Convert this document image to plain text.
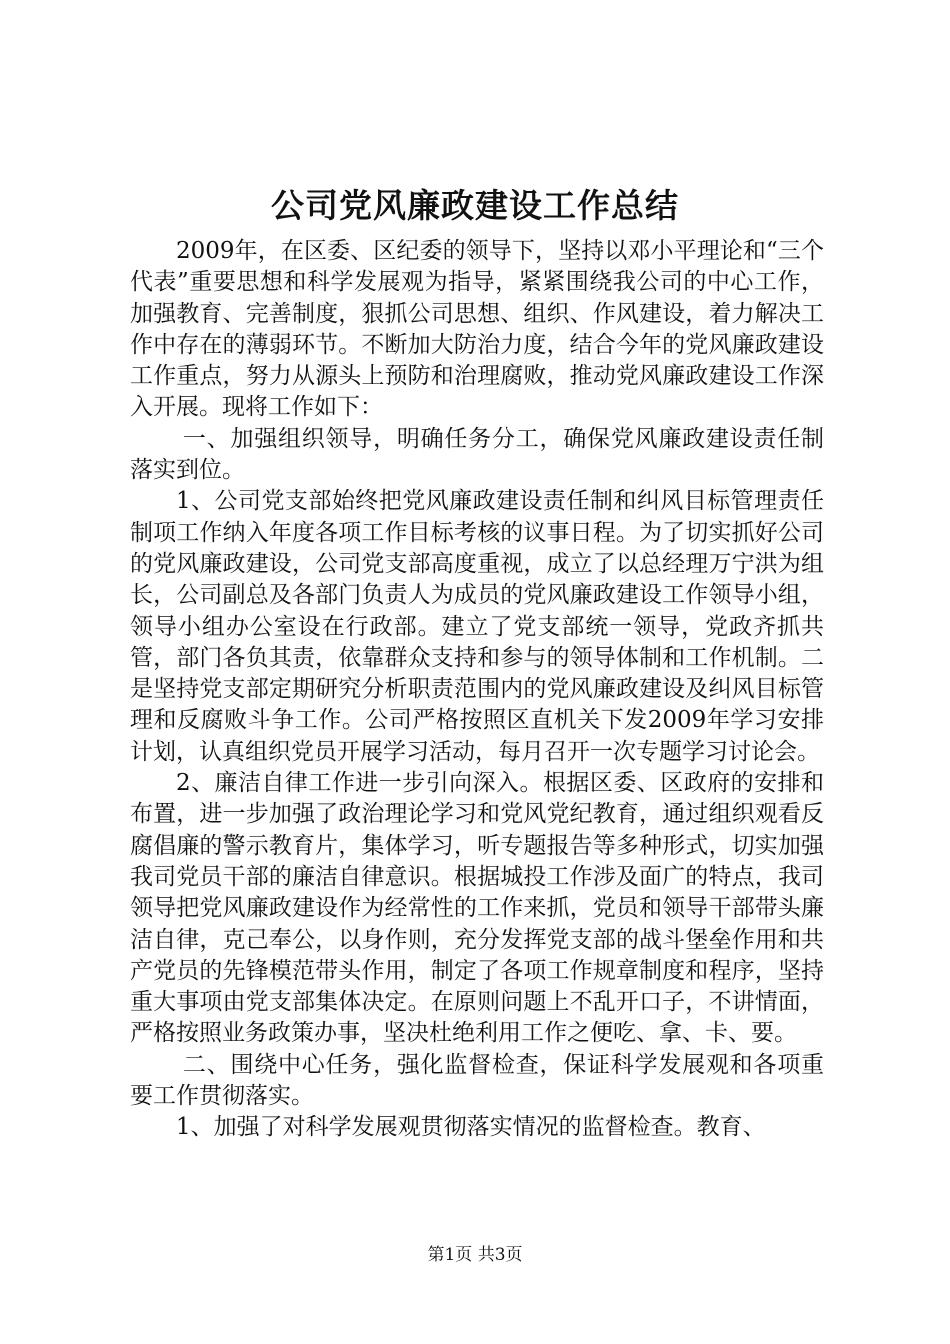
公司党风廉政建设工作总结

2009年，在区委、区纪委的领导下，坚持以邓小平理论和“三个代表”重要思想和科学发展观为指导，紧紧围绕我公司的中心工作，加强教育、完善制度，狠抓公司思想、组织、作风建设，着力解决工作中存在的薄弱环节。不断加大防治力度，结合今年的党风廉政建设工作重点，努力从源头上预防和治理腐败，推动党风廉政建设工作深入开展。现将工作如下：

一、加强组织领导，明确任务分工，确保党风廉政建设责任制落实到位。

1、公司党支部始终把党风廉政建设责任制和纠风目标管理责任制项工作纳入年度各项工作目标考核的议事日程。为了切实抓好公司的党风廉政建设，公司党支部高度重视，成立了以总经理万宁洪为组长，公司副总及各部门负责人为成员的党风廉政建设工作领导小组，领导小组办公室设在行政部。建立了党支部统一领导，党政齐抓共管，部门各负其责，依靠群众支持和参与的领导体制和工作机制。二是坚持党支部定期研究分析职责范围内的党风廉政建设及纠风目标管理和反腐败斗争工作。公司严格按照区直机关下发2009年学习安排计划，认真组织党员开展学习活动，每月召开一次专题学习讨论会。

2、廉洁自律工作进一步引向深入。根据区委、区政府的安排和布置，进一步加强了政治理论学习和党风党纪教育，通过组织观看反腐倡廉的警示教育片，集体学习，听专题报告等多种形式，切实加强我司党员干部的廉洁自律意识。根据城投工作涉及面广的特点，我司领导把党风廉政建设作为经常性的工作来抓，党员和领导干部带头廉洁自律，克己奉公，以身作则，充分发挥党支部的战斗堡垒作用和共产党员的先锋模范带头作用，制定了各项工作规章制度和程序，坚持重大事项由党支部集体决定。在原则问题上不乱开口子，不讲情面，严格按照业务政策办事，坚决杜绝利用工作之便吃、拿、卡、要。

二、围绕中心任务，强化监督检查，保证科学发展观和各项重要工作贯彻落实。

1、加强了对科学发展观贯彻落实情况的监督检查。教育、

第1页 共3页
